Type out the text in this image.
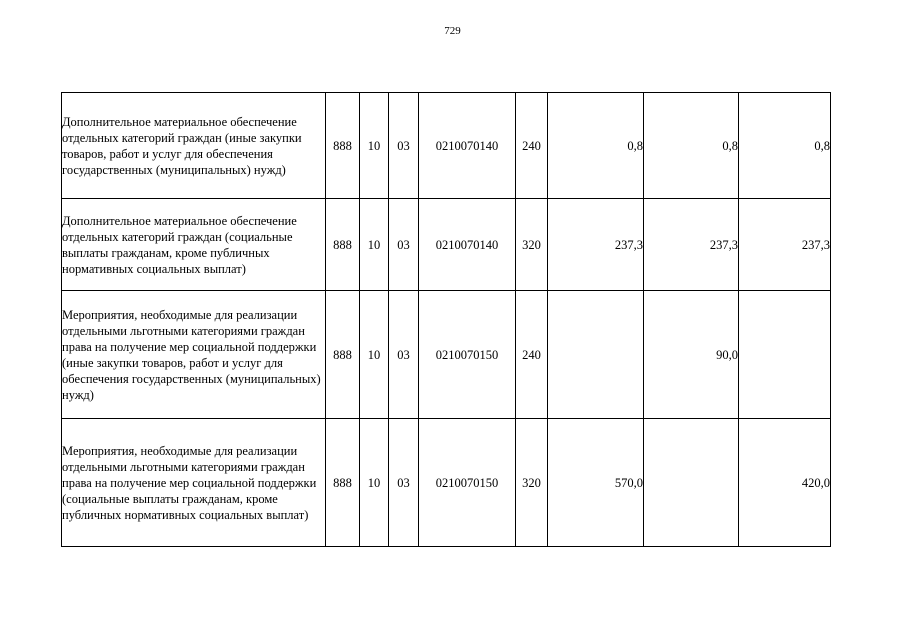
729
Дополнительное материальное обеспечение отдельных категорий граждан (иные закупки товаров, работ и услуг для обеспечения государственных (муниципальных) нужд)	888	10	03	0210070140	240	0,8	0,8	0,8
Дополнительное материальное обеспечение отдельных категорий граждан (социальные выплаты гражданам, кроме публичных нормативных социальных выплат)	888	10	03	0210070140	320	237,3	237,3	237,3
Мероприятия, необходимые для реализации отдельными льготными категориями граждан права на получение мер социальной поддержки (иные закупки товаров, работ и услуг для обеспечения государственных (муниципальных) нужд)	888	10	03	0210070150	240		90,0	
Мероприятия, необходимые для реализации отдельными льготными категориями граждан права на получение мер социальной поддержки (социальные выплаты гражданам, кроме публичных нормативных социальных выплат)	888	10	03	0210070150	320	570,0		420,0
